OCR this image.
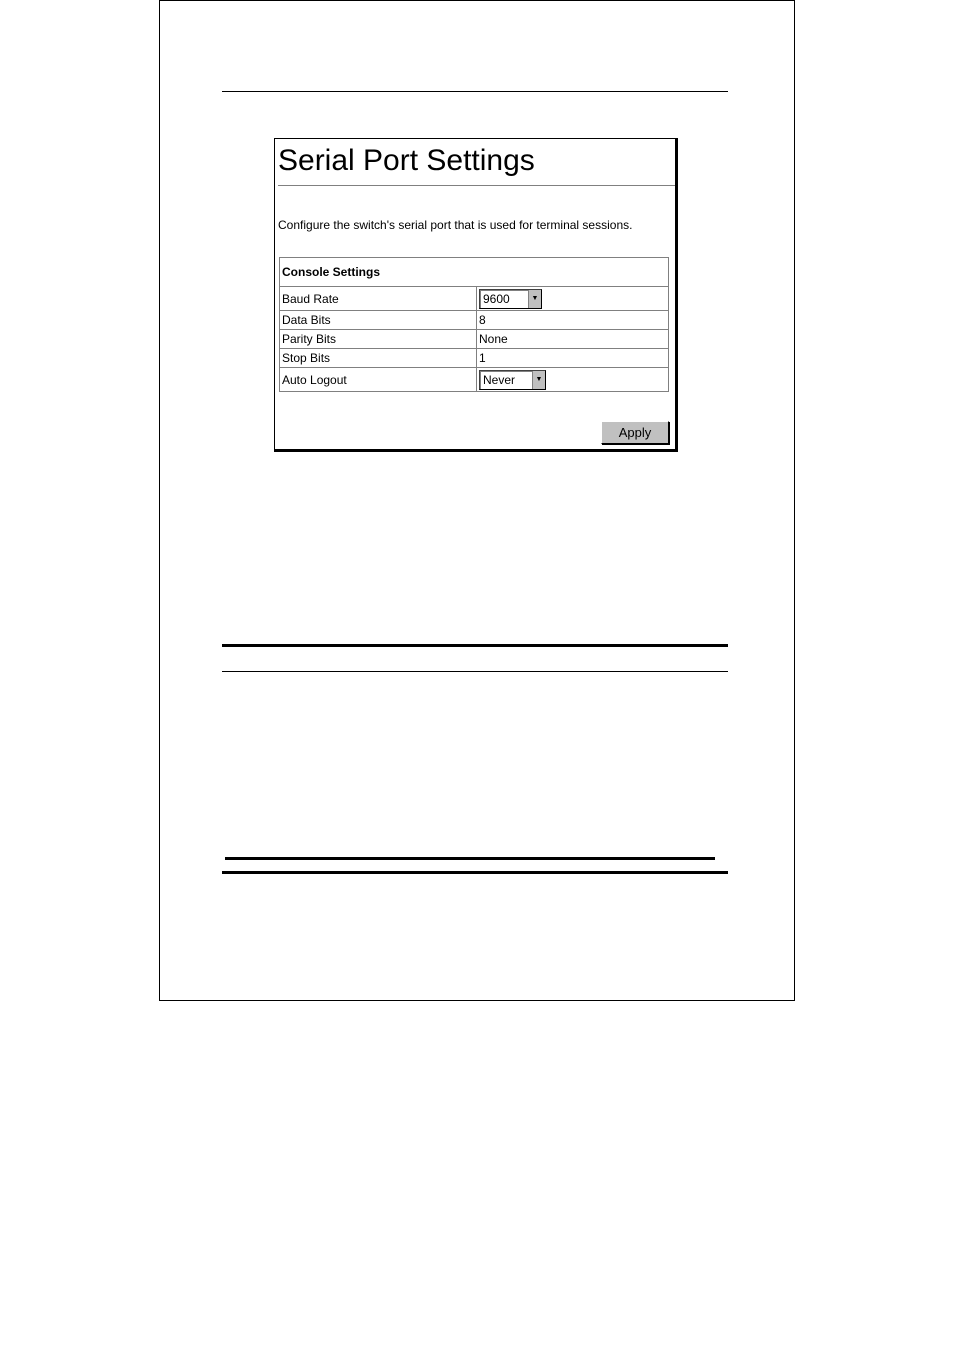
Serial Port Settings
Configure the switch's serial port that is used for terminal sessions.
Console Settings	
Baud Rate	9600 ▼

Data Bits	8
Parity Bits	None
Stop Bits	1
Auto Logout	Never ▼
Apply
